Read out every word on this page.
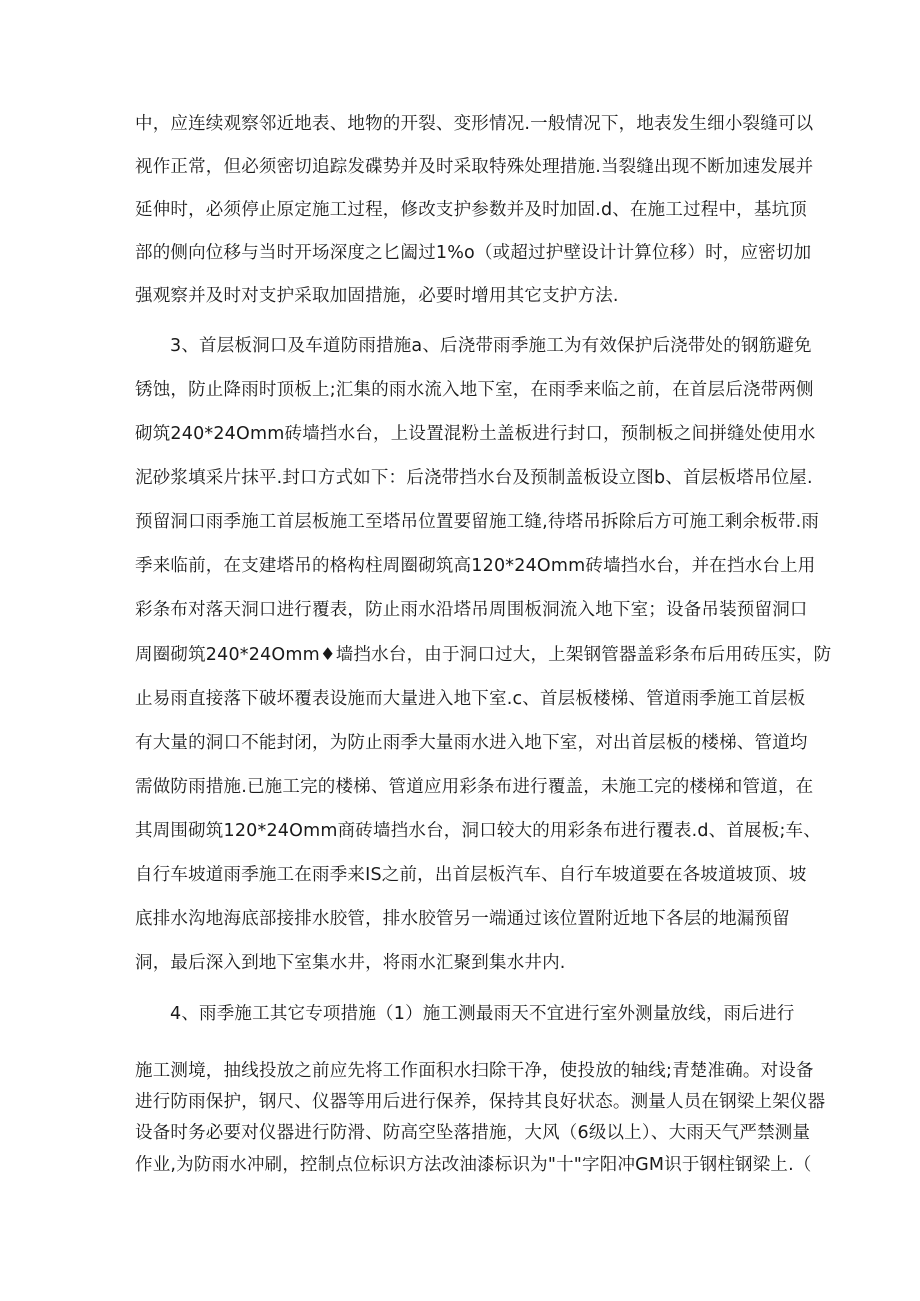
中，应连续观察邻近地表、地物的开裂、变形情况.一般情况下，地表发生细小裂缝可以
视作正常，但必须密切追踪发碟势并及时采取特殊处理措施.当裂缝出现不断加速发展并
延伸时，必须停止原定施工过程，修改支护参数并及时加固.d、在施工过程中，基坑顶
部的侧向位移与当时开场深度之匕阖过1%o（或超过护壁设计计算位移）时，应密切加
强观察并及时对支护采取加固措施，必要时增用其它支护方法.
3、首层板洞口及车道防雨措施a、后浇带雨季施工为有效保护后浇带处的钢筋避免
锈蚀，防止降雨时顶板上;汇集的雨水流入地下室，在雨季来临之前，在首层后浇带两侧
砌筑240*24Omm砖墙挡水台，上设置混粉土盖板进行封口，预制板之间拼缝处使用水
泥砂浆填采片抹平.封口方式如下：后浇带挡水台及预制盖板设立图b、首层板塔吊位屋.
预留洞口雨季施工首层板施工至塔吊位置要留施工缝,待塔吊拆除后方可施工剩余板带.雨
季来临前，在支建塔吊的格构柱周圈砌筑高120*24Omm砖墙挡水台，并在挡水台上用
彩条布对落天洞口进行覆表，防止雨水沿塔吊周围板洞流入地下室；设备吊装预留洞口
周圈砌筑240*24Omm♦墙挡水台，由于洞口过大，上架钢管器盖彩条布后用砖压实，防
止易雨直接落下破坏覆表设施而大量进入地下室.c、首层板楼梯、管道雨季施工首层板
有大量的洞口不能封闭，为防止雨季大量雨水进入地下室，对出首层板的楼梯、管道均
需做防雨措施.已施工完的楼梯、管道应用彩条布进行覆盖，未施工完的楼梯和管道，在
其周围砌筑120*24Omm商砖墙挡水台，洞口较大的用彩条布进行覆表.d、首展板;车、
自行车坡道雨季施工在雨季来IS之前，出首层板汽车、自行车坡道要在各坡道坡顶、坡
底排水沟地海底部接排水胶管，排水胶管另一端通过该位置附近地下各层的地漏预留
洞，最后深入到地下室集水井，将雨水汇聚到集水井内.
4、雨季施工其它专项措施（1）施工测最雨天不宜进行室外测量放线，雨后进行
施工测境，抽线投放之前应先将工作面积水扫除干净，使投放的轴线;青楚准确。对设备
进行防雨保护，钢尺、仪器等用后进行保养，保持其良好状态。测量人员在钢梁上架仪器
设备时务必要对仪器进行防滑、防高空坠落措施，大风（6级以上）、大雨天气严禁测量
作业,为防雨水冲刷，控制点位标识方法改油漆标识为"十"字阳冲GM识于钢柱钢梁上.（
